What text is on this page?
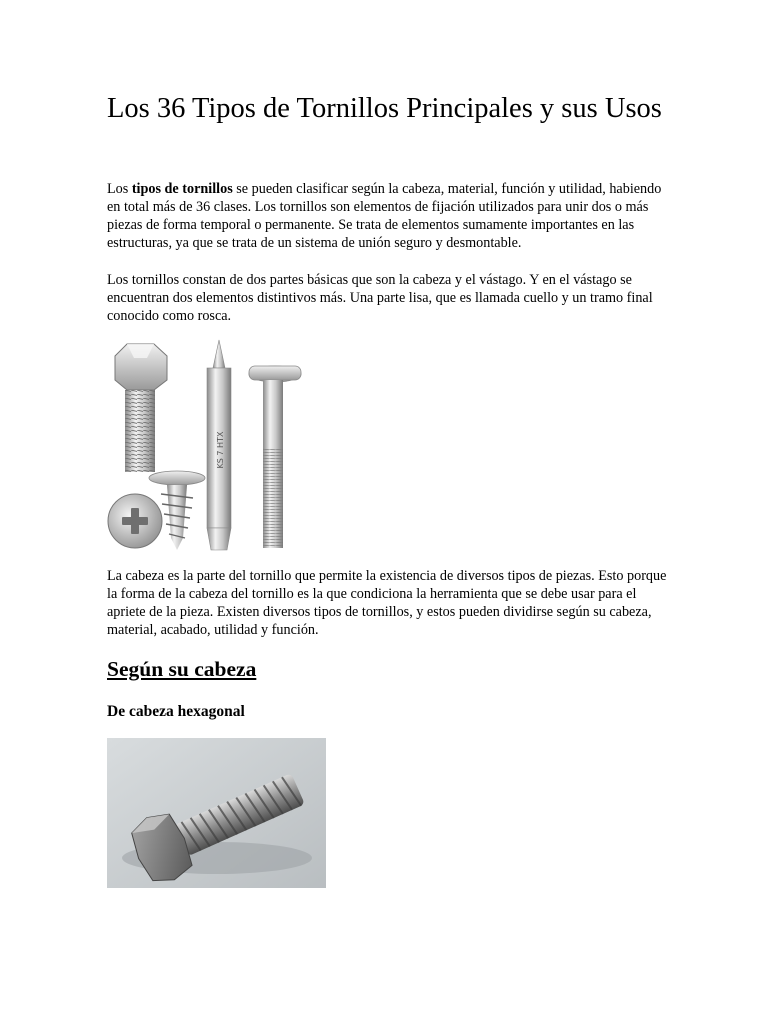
Los 36 Tipos de Tornillos Principales y sus Usos

Los tipos de tornillos se pueden clasificar según la cabeza, material, función y utilidad, habiendo en total más de 36 clases. Los tornillos son elementos de fijación utilizados para unir dos o más piezas de forma temporal o permanente. Se trata de elementos sumamente importantes en las estructuras, ya que se trata de un sistema de unión seguro y desmontable.

Los tornillos constan de dos partes básicas que son la cabeza y el vástago. Y en el vástago se encuentran dos elementos distintivos más. Una parte lisa, que es llamada cuello y un tramo final conocido como rosca.

KS 7 HTX

La cabeza es la parte del tornillo que permite la existencia de diversos tipos de piezas. Esto porque la forma de la cabeza del tornillo es la que condiciona la herramienta que se debe usar para el apriete de la pieza. Existen diversos tipos de tornillos, y estos pueden dividirse según su cabeza, material, acabado, utilidad y función.

Según su cabeza
De cabeza hexagonal
